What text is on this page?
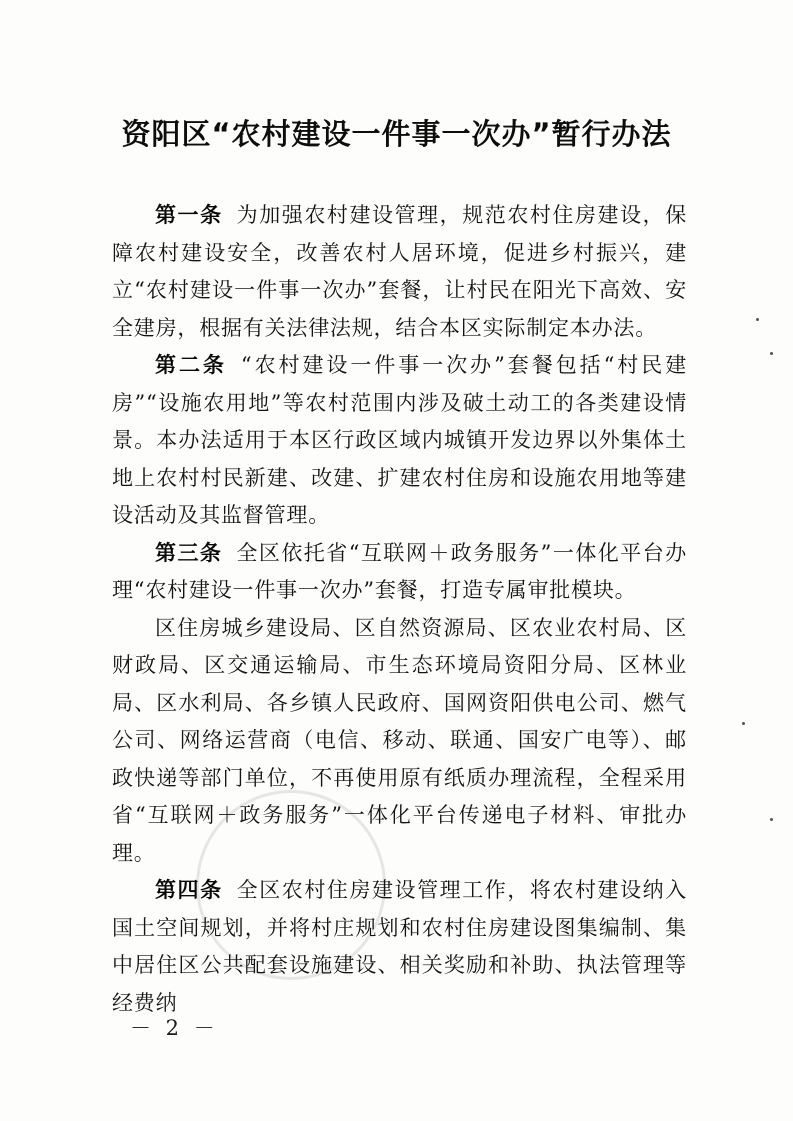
资阳区“农村建设一件事一次办”暂行办法

第一条 为加强农村建设管理，规范农村住房建设，保障农村建设安全，改善农村人居环境，促进乡村振兴，建立“农村建设一件事一次办”套餐，让村民在阳光下高效、安全建房，根据有关法律法规，结合本区实际制定本办法。

第二条 “农村建设一件事一次办”套餐包括“村民建房”“设施农用地”等农村范围内涉及破土动工的各类建设情景。本办法适用于本区行政区域内城镇开发边界以外集体土地上农村村民新建、改建、扩建农村住房和设施农用地等建设活动及其监督管理。

第三条 全区依托省“互联网＋政务服务”一体化平台办理“农村建设一件事一次办”套餐，打造专属审批模块。

区住房城乡建设局、区自然资源局、区农业农村局、区财政局、区交通运输局、市生态环境局资阳分局、区林业局、区水利局、各乡镇人民政府、国网资阳供电公司、燃气公司、网络运营商（电信、移动、联通、国安广电等）、邮政快递等部门单位，不再使用原有纸质办理流程，全程采用省“互联网＋政务服务”一体化平台传递电子材料、审批办理。

第四条 全区农村住房建设管理工作，将农村建设纳入国土空间规划，并将村庄规划和农村住房建设图集编制、集中居住区公共配套设施建设、相关奖励和补助、执法管理等经费纳

－ 2 －
